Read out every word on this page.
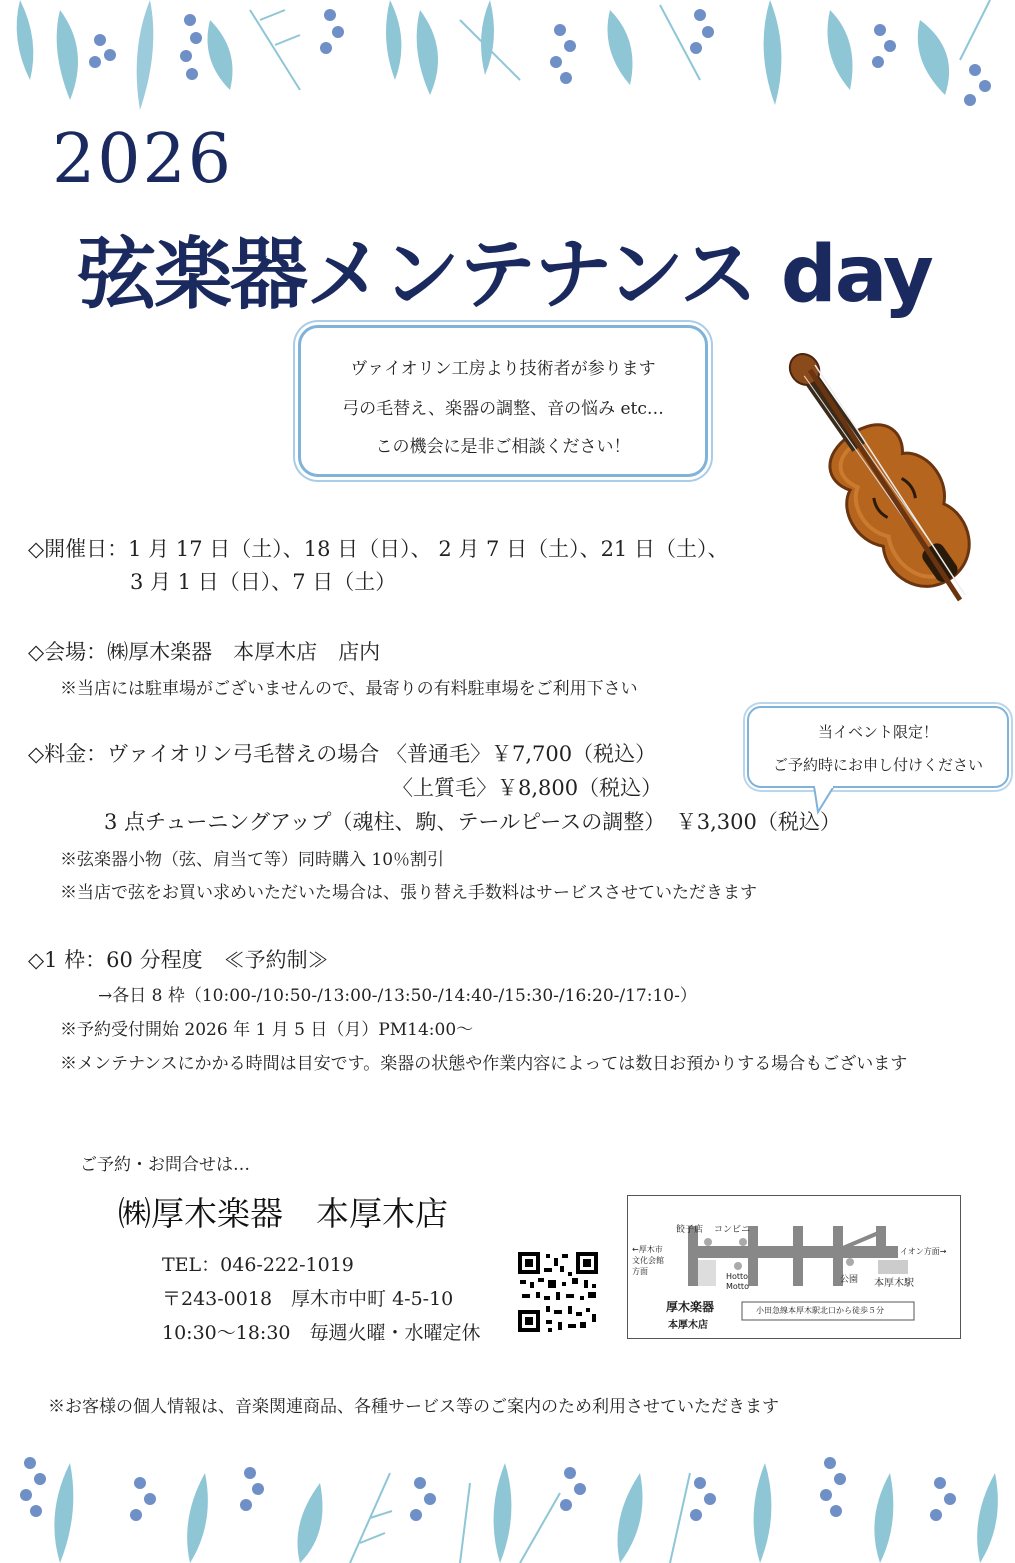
2026
弦楽器メンテナンス day
ヴァイオリン工房より技術者が参ります
弓の毛替え、楽器の調整、音の悩み etc…
この機会に是非ご相談ください！
◇開催日：1 月 17 日（土）、18 日（日）、 2 月 7 日（土）、21 日（土）、
3 月 1 日（日）、7 日（土）
◇会場：㈱厚木楽器　本厚木店　店内
※当店には駐車場がございませんので、最寄りの有料駐車場をご利用下さい
◇料金：ヴァイオリン弓毛替えの場合 〈普通毛〉￥7,700（税込）
〈上質毛〉￥8,800（税込）
3 点チューニングアップ（魂柱、駒、テールピースの調整）　￥3,300（税込）
※弦楽器小物（弦、肩当て等）同時購入 10％割引
※当店で弦をお買い求めいただいた場合は、張り替え手数料はサービスさせていただきます
当イベント限定！
ご予約時にお申し付けください
◇1 枠：60 分程度　≪予約制≫
→各日 8 枠（10:00-/10:50-/13:00-/13:50-/14:40-/15:30-/16:20-/17:10-）
※予約受付開始 2026 年 1 月 5 日（月）PM14:00～
※メンテナンスにかかる時間は目安です。楽器の状態や作業内容によっては数日お預かりする場合もございます
ご予約・お問合せは…
㈱厚木楽器　本厚木店
TEL：046-222-1019
〒243-0018　厚木市中町 4-5-10
10:30～18:30　毎週火曜・水曜定休
餃子店 コンビニ
←厚木市
文化会館
方面
イオン方面→
Hotto
Motto
公園 本厚木駅
厚木楽器
本厚木店
小田急線本厚木駅北口から徒歩５分
※お客様の個人情報は、音楽関連商品、各種サービス等のご案内のため利用させていただきます
